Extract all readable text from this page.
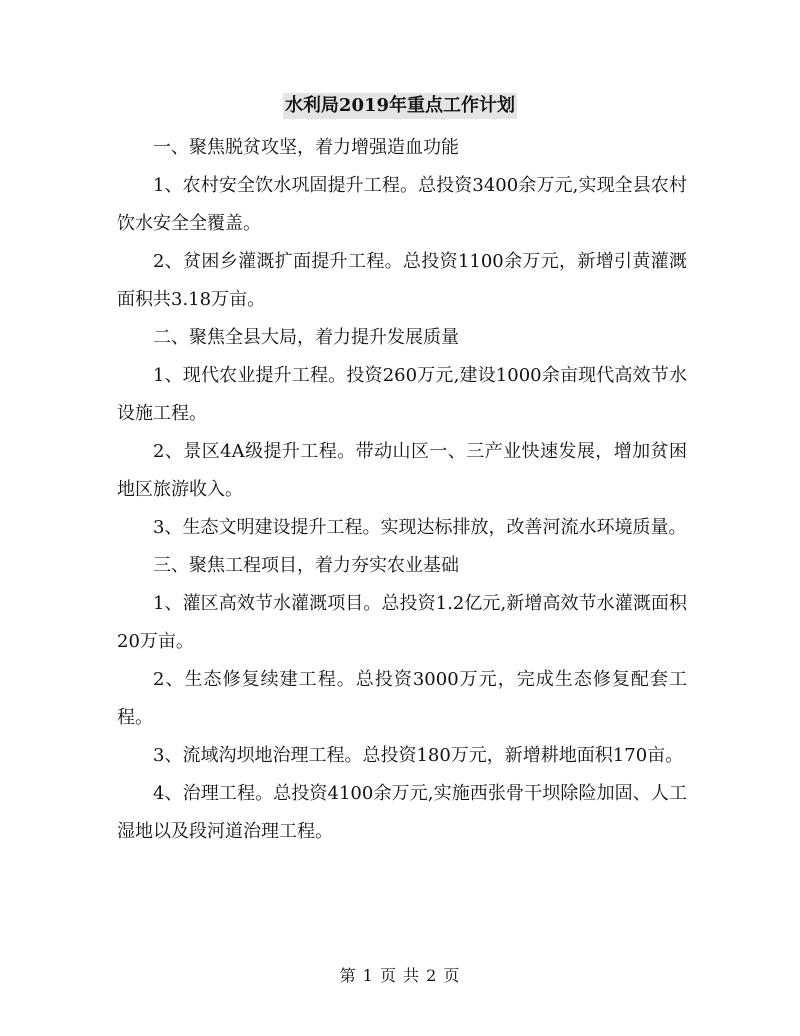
水利局2019年重点工作计划

一、聚焦脱贫攻坚，着力增强造血功能

1、农村安全饮水巩固提升工程。总投资3400余万元,实现全县农村饮水安全全覆盖。

2、贫困乡灌溉扩面提升工程。总投资1100余万元，新增引黄灌溉面积共3.18万亩。

二、聚焦全县大局，着力提升发展质量

1、现代农业提升工程。投资260万元,建设1000余亩现代高效节水设施工程。

2、景区4A级提升工程。带动山区一、三产业快速发展，增加贫困地区旅游收入。

3、生态文明建设提升工程。实现达标排放，改善河流水环境质量。

三、聚焦工程项目，着力夯实农业基础

1、灌区高效节水灌溉项目。总投资1.2亿元,新增高效节水灌溉面积20万亩。

2、生态修复续建工程。总投资3000万元，完成生态修复配套工程。

3、流域沟坝地治理工程。总投资180万元，新增耕地面积170亩。

4、治理工程。总投资4100余万元,实施西张骨干坝除险加固、人工湿地以及段河道治理工程。

第 1 页 共 2 页
